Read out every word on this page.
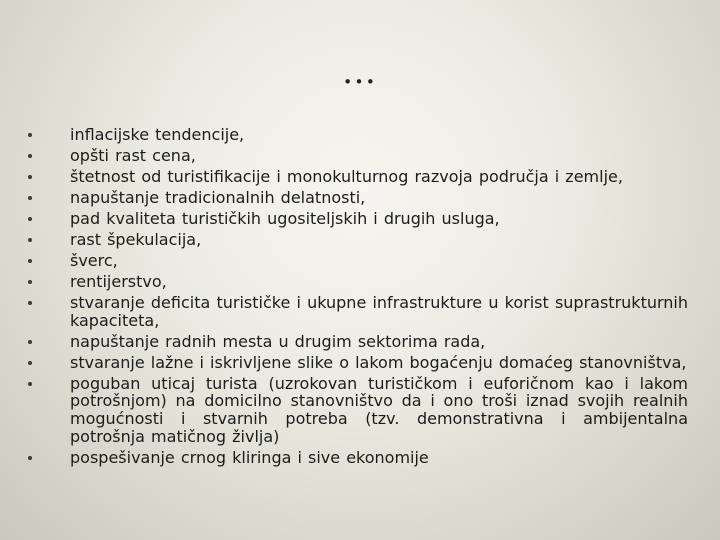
…
inflacijske tendencije,
opšti rast cena,
štetnost od turistifikacije i monokulturnog razvoja područja i zemlje,
napuštanje tradicionalnih delatnosti,
pad kvaliteta turističkih ugositeljskih i drugih usluga,
rast špekulacija,
šverc,
rentijerstvo,
stvaranje deficita turističke i ukupne infrastrukture u korist suprastrukturnih kapaciteta,
napuštanje radnih mesta u drugim sektorima rada,
stvaranje lažne i iskrivljene slike o lakom bogaćenju domaćeg stanovništva,
poguban uticaj turista (uzrokovan turističkom i euforičnom kao i lakom potrošnjom) na domicilno stanovništvo da i ono troši iznad svojih realnih mogućnosti i stvarnih potreba (tzv. demonstrativna i ambijentalna potrošnja matičnog življa)
pospešivanje crnog kliringa i sive ekonomije
